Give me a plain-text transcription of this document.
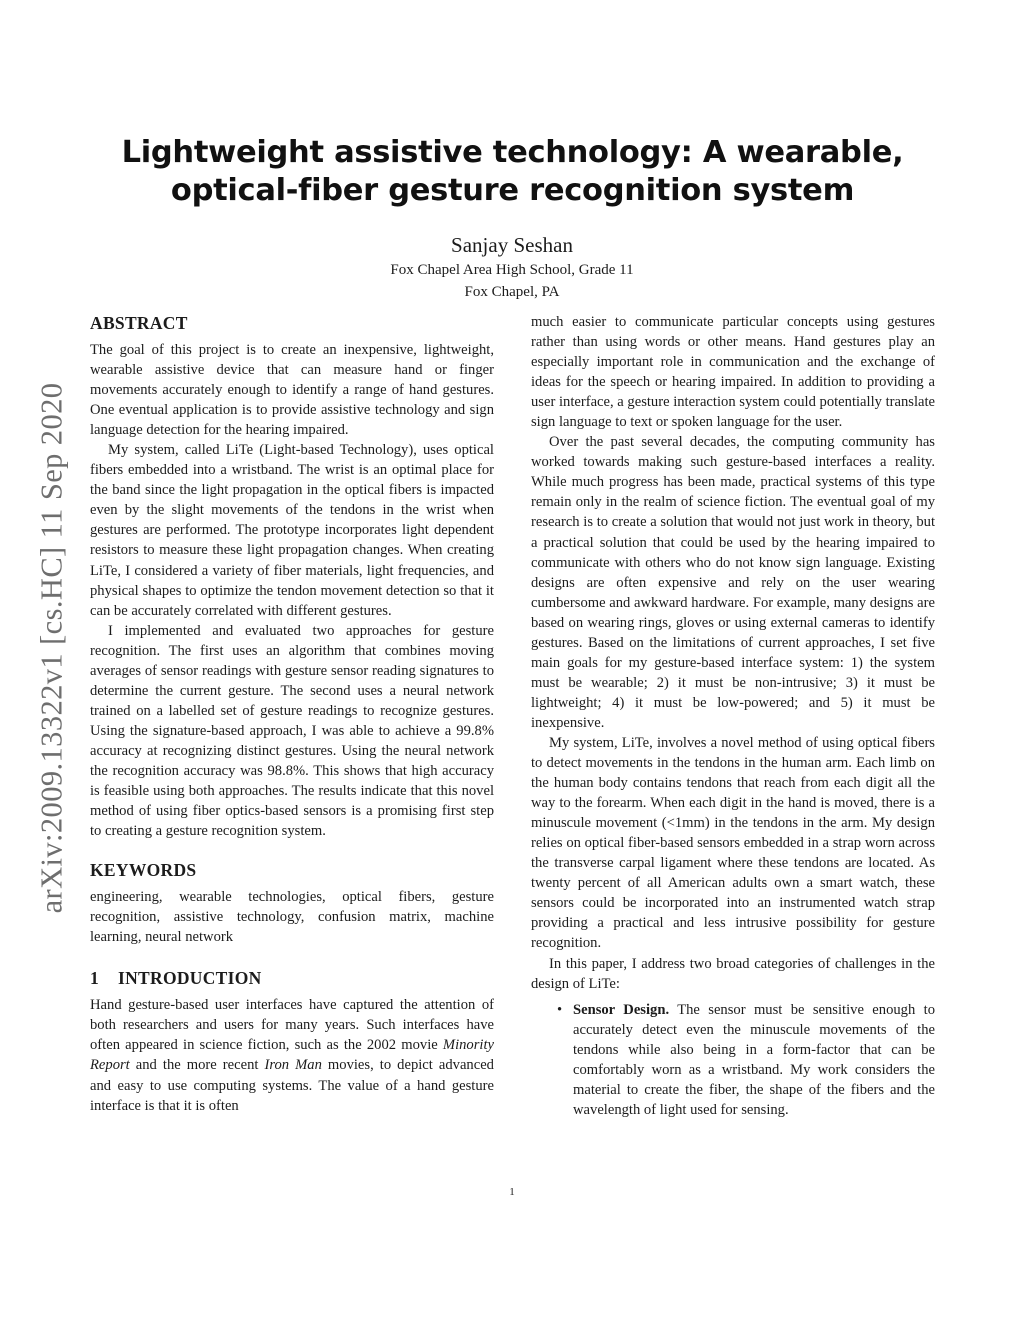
arXiv:2009.13322v1 [cs.HC] 11 Sep 2020
Lightweight assistive technology: A wearable,
optical-fiber gesture recognition system
Sanjay Seshan
Fox Chapel Area High School, Grade 11
Fox Chapel, PA
ABSTRACT

The goal of this project is to create an inexpensive, lightweight, wearable assistive device that can measure hand or finger movements accurately enough to identify a range of hand gestures. One eventual application is to provide assistive technology and sign language detection for the hearing impaired.

My system, called LiTe (Light-based Technology), uses optical fibers embedded into a wristband. The wrist is an optimal place for the band since the light propagation in the optical fibers is impacted even by the slight movements of the tendons in the wrist when gestures are performed. The prototype incorporates light dependent resistors to measure these light propagation changes. When creating LiTe, I considered a variety of fiber materials, light frequencies, and physical shapes to optimize the tendon movement detection so that it can be accurately correlated with different gestures.

I implemented and evaluated two approaches for gesture recognition. The first uses an algorithm that combines moving averages of sensor readings with gesture sensor reading signatures to determine the current gesture. The second uses a neural network trained on a labelled set of gesture readings to recognize gestures. Using the signature-based approach, I was able to achieve a 99.8% accuracy at recognizing distinct gestures. Using the neural network the recognition accuracy was 98.8%. This shows that high accuracy is feasible using both approaches. The results indicate that this novel method of using fiber optics-based sensors is a promising first step to creating a gesture recognition system.

KEYWORDS

engineering, wearable technologies, optical fibers, gesture recognition, assistive technology, confusion matrix, machine learning, neural network

1 INTRODUCTION

Hand gesture-based user interfaces have captured the attention of both researchers and users for many years. Such interfaces have often appeared in science fiction, such as the 2002 movie Minority Report and the more recent Iron Man movies, to depict advanced and easy to use computing systems. The value of a hand gesture interface is that it is often

much easier to communicate particular concepts using gestures rather than using words or other means. Hand gestures play an especially important role in communication and the exchange of ideas for the speech or hearing impaired. In addition to providing a user interface, a gesture interaction system could potentially translate sign language to text or spoken language for the user.

Over the past several decades, the computing community has worked towards making such gesture-based interfaces a reality. While much progress has been made, practical systems of this type remain only in the realm of science fiction. The eventual goal of my research is to create a solution that would not just work in theory, but a practical solution that could be used by the hearing impaired to communicate with others who do not know sign language. Existing designs are often expensive and rely on the user wearing cumbersome and awkward hardware. For example, many designs are based on wearing rings, gloves or using external cameras to identify gestures. Based on the limitations of current approaches, I set five main goals for my gesture-based interface system: 1) the system must be wearable; 2) it must be non-intrusive; 3) it must be lightweight; 4) it must be low-powered; and 5) it must be inexpensive.

My system, LiTe, involves a novel method of using optical fibers to detect movements in the tendons in the human arm. Each limb on the human body contains tendons that reach from each digit all the way to the forearm. When each digit in the hand is moved, there is a minuscule movement (<1mm) in the tendons in the arm. My design relies on optical fiber-based sensors embedded in a strap worn across the transverse carpal ligament where these tendons are located. As twenty percent of all American adults own a smart watch, these sensors could be incorporated into an instrumented watch strap providing a practical and less intrusive possibility for gesture recognition.

In this paper, I address two broad categories of challenges in the design of LiTe:

• Sensor Design. The sensor must be sensitive enough to accurately detect even the minuscule movements of the tendons while also being in a form-factor that can be comfortably worn as a wristband. My work considers the material to create the fiber, the shape of the fibers and the wavelength of light used for sensing.
1
